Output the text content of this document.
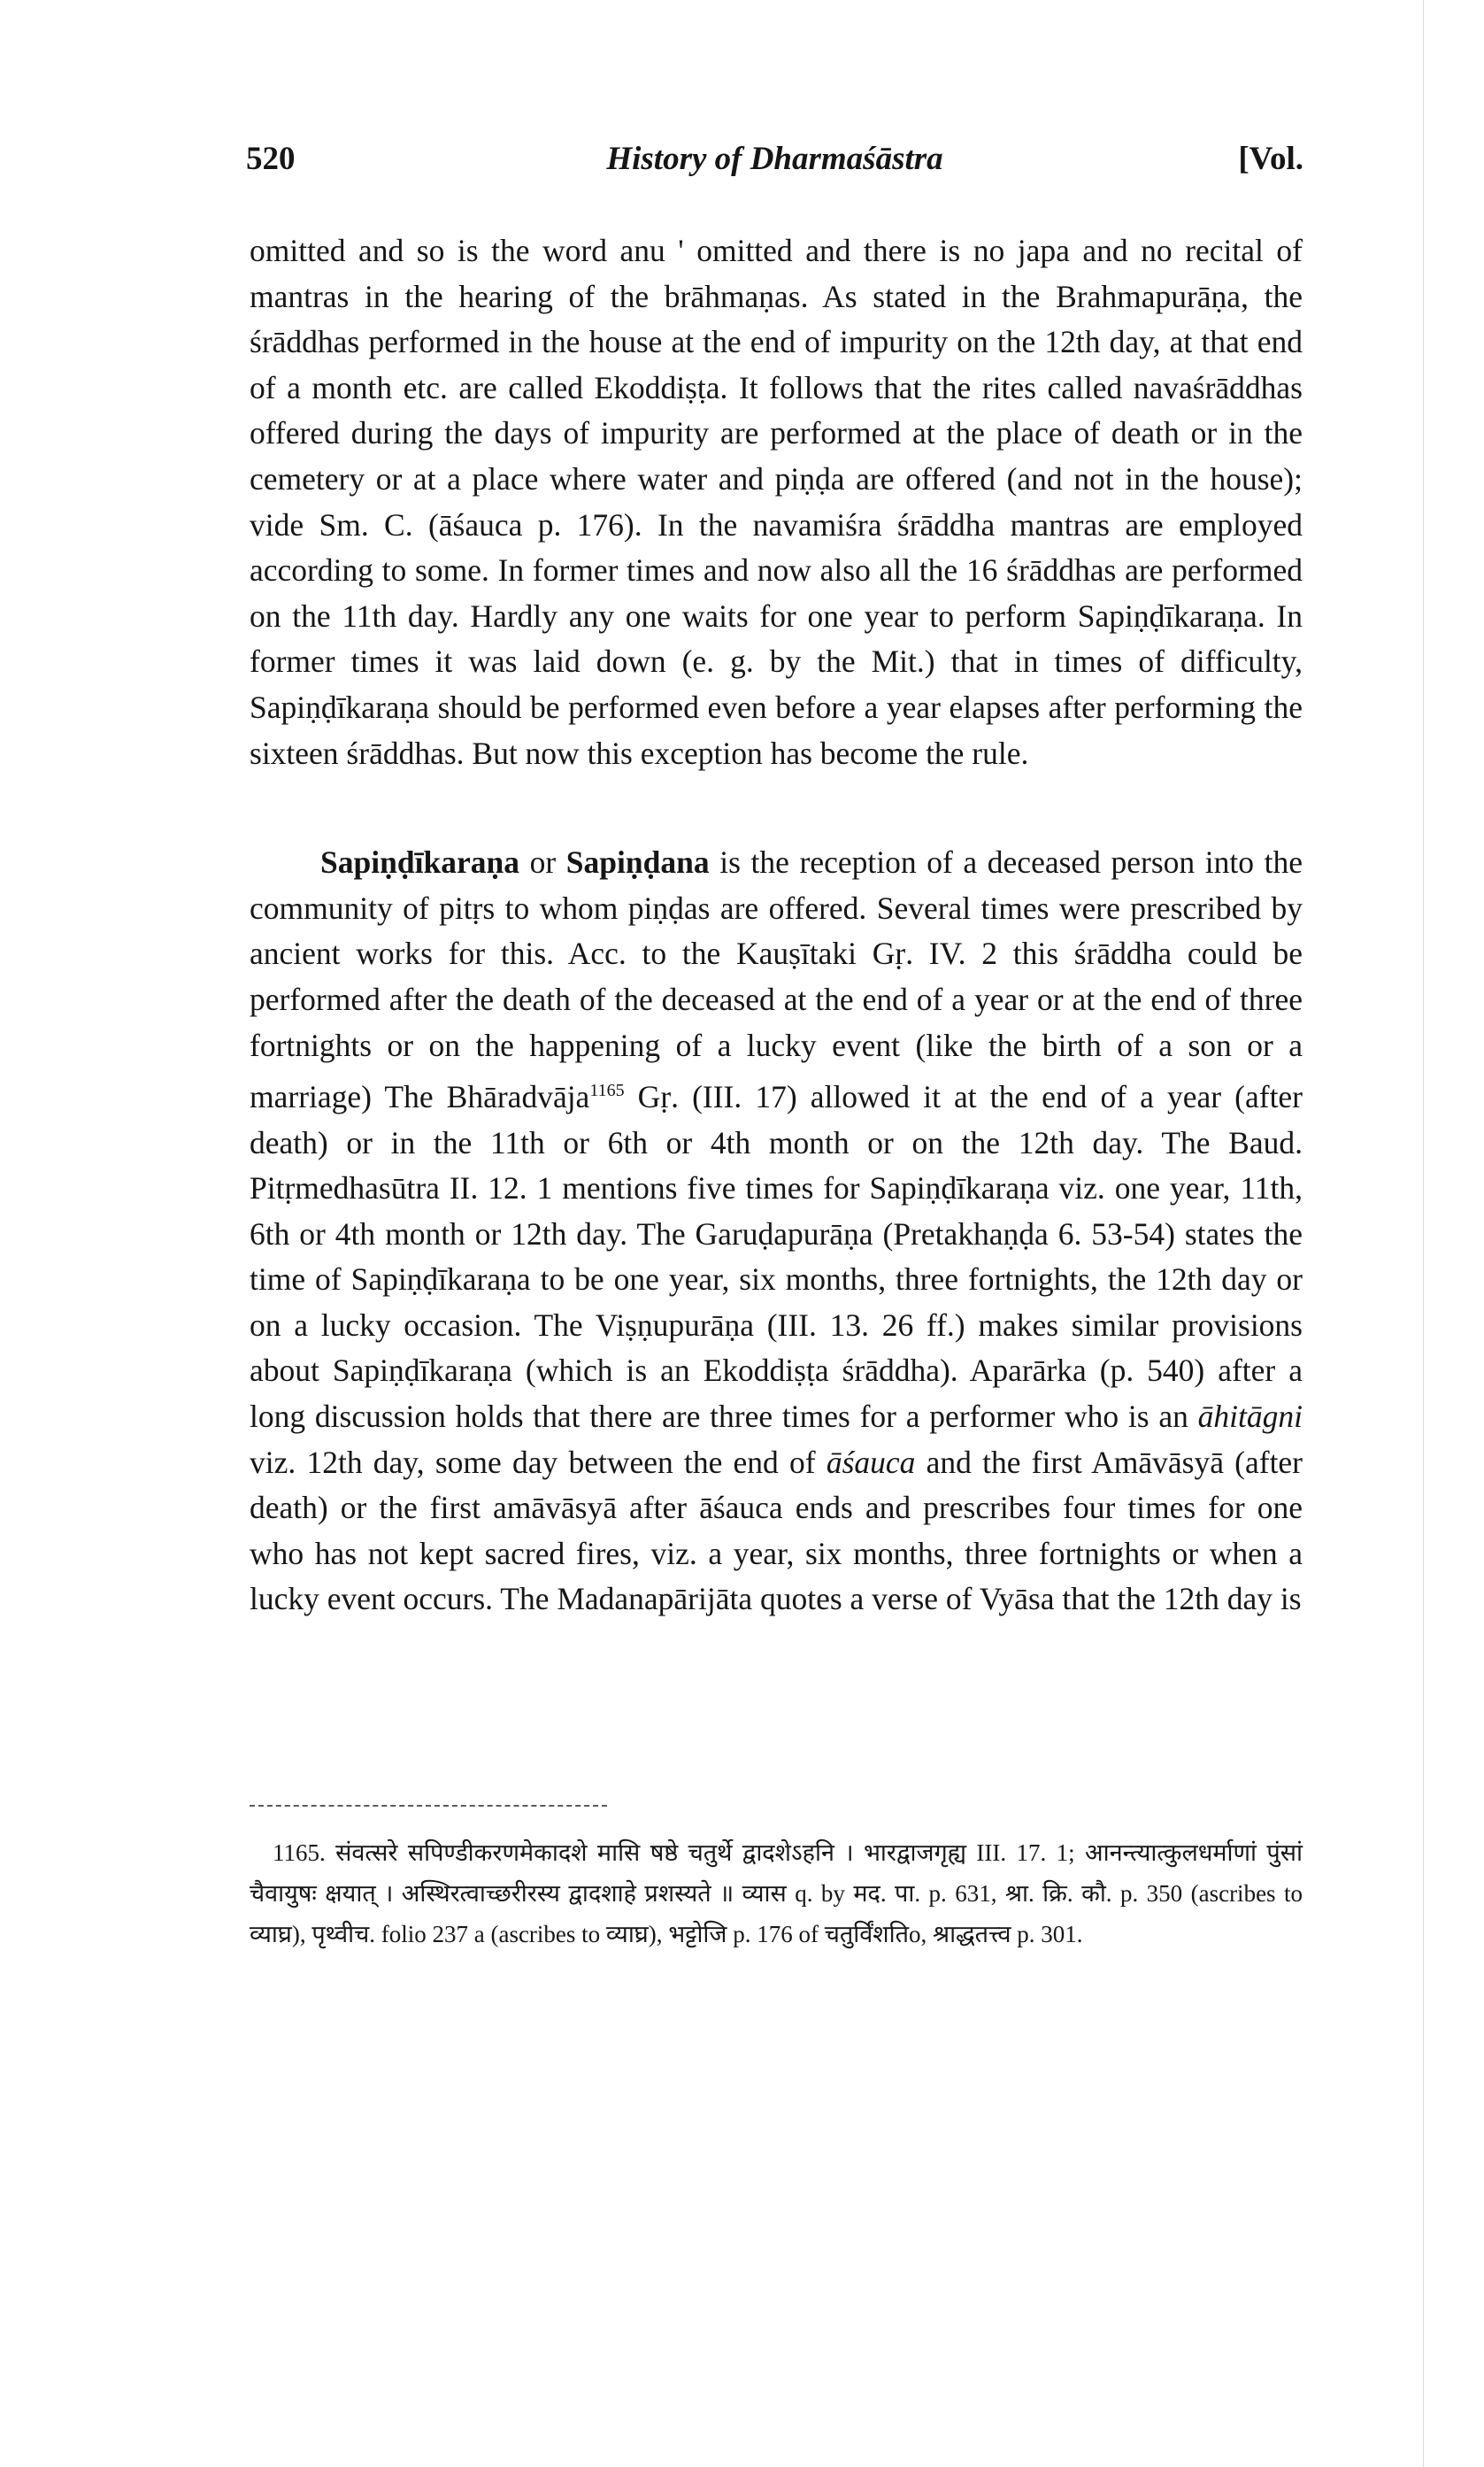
520	History of Dharmaśāstra	[Vol.

omitted and so is the word anu ' omitted and there is no japa and no recital of mantras in the hearing of the brāhmaṇas. As stated in the Brahmapurāṇa, the śrāddhas performed in the house at the end of impurity on the 12th day, at that end of a month etc. are called Ekoddiṣṭa. It follows that the rites called navaśrāddhas offered during the days of impurity are performed at the place of death or in the cemetery or at a place where water and piṇḍa are offered (and not in the house); vide Sm. C. (āśauca p. 176). In the navamiśra śrāddha mantras are employed according to some. In former times and now also all the 16 śrāddhas are performed on the 11th day. Hardly any one waits for one year to perform Sapiṇḍīkaraṇa. In former times it was laid down (e. g. by the Mit.) that in times of difficulty, Sapiṇḍīkaraṇa should be performed even before a year elapses after performing the sixteen śrāddhas. But now this exception has become the rule.

Sapiṇḍīkaraṇa or Sapiṇḍana is the reception of a deceased person into the community of pitṛs to whom piṇḍas are offered. Several times were prescribed by ancient works for this. Acc. to the Kauṣītaki Gṛ. IV. 2 this śrāddha could be performed after the death of the deceased at the end of a year or at the end of three fortnights or on the happening of a lucky event (like the birth of a son or a marriage) The Bhāradvāja$^{1165}$ Gṛ. (III. 17) allowed it at the end of a year (after death) or in the 11th or 6th or 4th month or on the 12th day. The Baud. Pitṛmedhasūtra II. 12. 1 mentions five times for Sapiṇḍīkaraṇa viz. one year, 11th, 6th or 4th month or 12th day. The Garuḍapurāṇa (Pretakhaṇḍa 6. 53-54) states the time of Sapiṇḍīkaraṇa to be one year, six months, three fortnights, the 12th day or on a lucky occasion. The Viṣṇupurāṇa (III. 13. 26 ff.) makes similar provisions about Sapiṇḍīkaraṇa (which is an Ekoddiṣṭa śrāddha). Aparārka (p. 540) after a long discussion holds that there are three times for a performer who is an āhitāgni viz. 12th day, some day between the end of āśauca and the first Amāvāsyā (after death) or the first amāvāsyā after āśauca ends and prescribes four times for one who has not kept sacred fires, viz. a year, six months, three fortnights or when a lucky event occurs. The Madanapārijāta quotes a verse of Vyāsa that the 12th day is

1165. संवत्सरे सपिण्डीकरणमेकादशे मासि षष्ठे चतुर्थे द्वादशेऽहनि । भारद्वाजगृह्य III. 17. 1; आनन्त्यात्कुलधर्माणां पुंसां चैवायुषः क्षयात् । अस्थिरत्वाच्छरीरस्य द्वादशाहे प्रशस्यते ॥ व्यास q. by मद. पा. p. 631, श्रा. क्रि. कौ. p. 350 (ascribes to व्याघ्र), पृथ्वीच. folio 237 a (ascribes to व्याघ्र), भट्टोजि p. 176 of चतुर्विंशतिo, श्राद्धतत्त्व p. 301.
